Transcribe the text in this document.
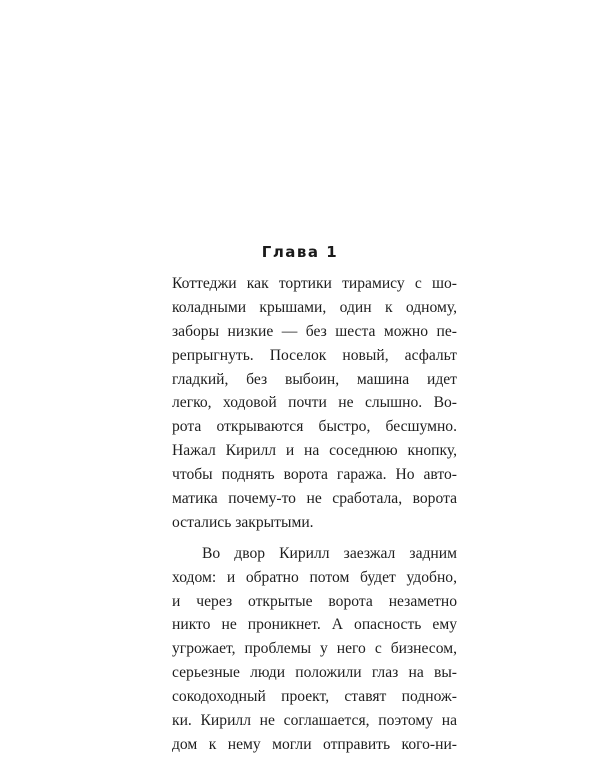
Глава 1
Коттеджи как тортики тирамису с шо-
коладными крышами, один к одному,
заборы низкие — без шеста можно пе-
репрыгнуть. Поселок новый, асфальт
гладкий, без выбоин, машина идет
легко, ходовой почти не слышно. Во-
рота открываются быстро, бесшумно.
Нажал Кирилл и на соседнюю кнопку,
чтобы поднять ворота гаража. Но авто-
матика почему-то не сработала, ворота
остались закрытыми.
Во двор Кирилл заезжал задним
ходом: и обратно потом будет удобно,
и через открытые ворота незаметно
никто не проникнет. А опасность ему
угрожает, проблемы у него с бизнесом,
серьезные люди положили глаз на вы-
сокодоходный проект, ставят поднож-
ки. Кирилл не соглашается, поэтому на
дом к нему могли отправить кого-ни-
